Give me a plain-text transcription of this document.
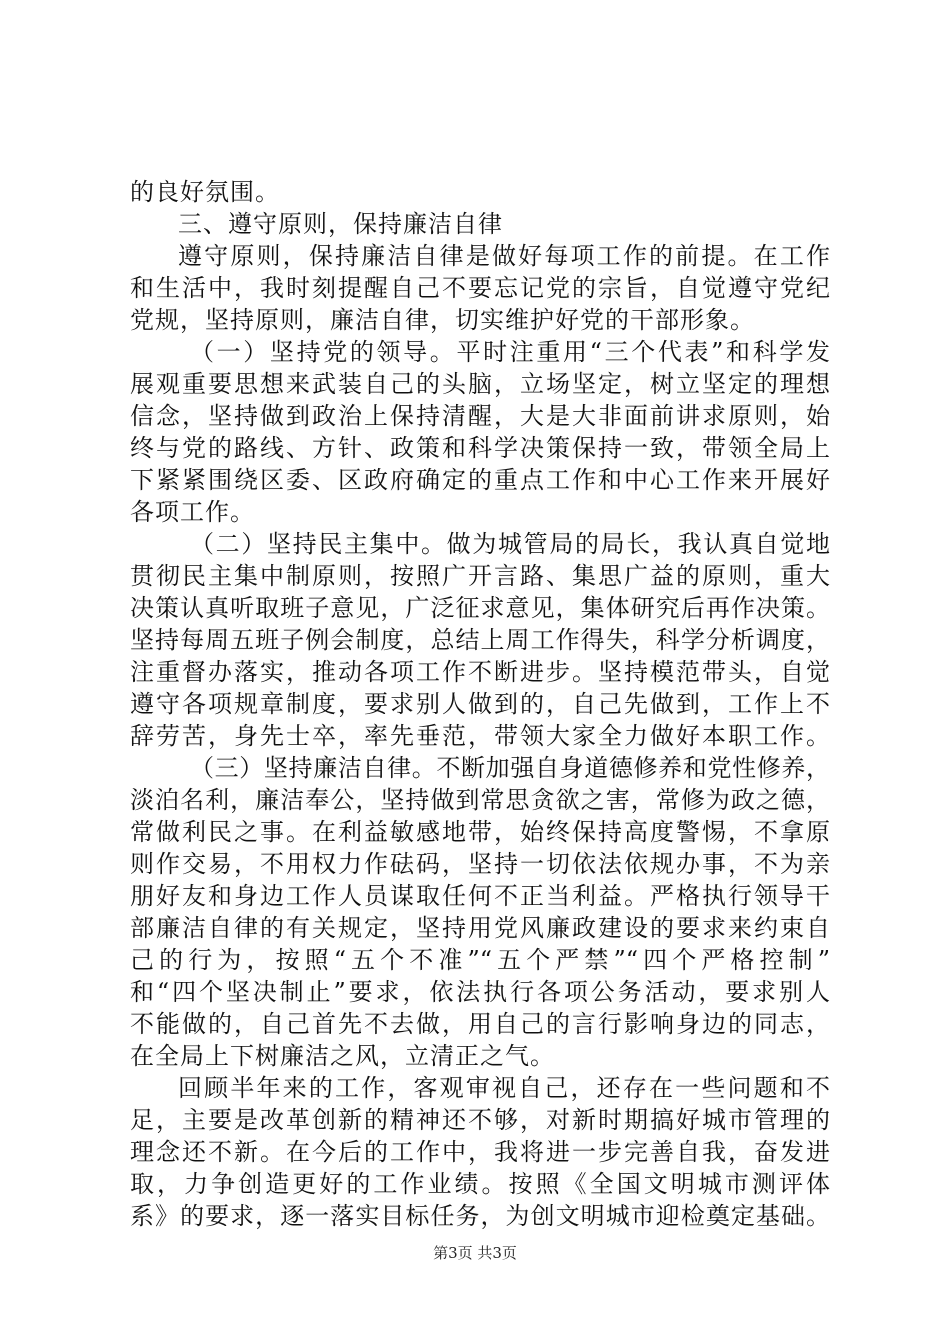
的良好氛围。
三、遵守原则，保持廉洁自律
遵守原则，保持廉洁自律是做好每项工作的前提。在工作
和生活中，我时刻提醒自己不要忘记党的宗旨，自觉遵守党纪
党规，坚持原则，廉洁自律，切实维护好党的干部形象。
（一）坚持党的领导。平时注重用“三个代表”和科学发
展观重要思想来武装自己的头脑，立场坚定，树立坚定的理想
信念，坚持做到政治上保持清醒，大是大非面前讲求原则，始
终与党的路线、方针、政策和科学决策保持一致，带领全局上
下紧紧围绕区委、区政府确定的重点工作和中心工作来开展好
各项工作。
（二）坚持民主集中。做为城管局的局长，我认真自觉地
贯彻民主集中制原则，按照广开言路、集思广益的原则，重大
决策认真听取班子意见，广泛征求意见，集体研究后再作决策。
坚持每周五班子例会制度，总结上周工作得失，科学分析调度，
注重督办落实，推动各项工作不断进步。坚持模范带头，自觉
遵守各项规章制度，要求别人做到的，自己先做到，工作上不
辞劳苦，身先士卒，率先垂范，带领大家全力做好本职工作。
（三）坚持廉洁自律。不断加强自身道德修养和党性修养，
淡泊名利，廉洁奉公，坚持做到常思贪欲之害，常修为政之德，
常做利民之事。在利益敏感地带，始终保持高度警惕，不拿原
则作交易，不用权力作砝码，坚持一切依法依规办事，不为亲
朋好友和身边工作人员谋取任何不正当利益。严格执行领导干
部廉洁自律的有关规定，坚持用党风廉政建设的要求来约束自
己的行为，按照“五个不准”“五个严禁”“四个严格控制”
和“四个坚决制止”要求，依法执行各项公务活动，要求别人
不能做的，自己首先不去做，用自己的言行影响身边的同志，
在全局上下树廉洁之风，立清正之气。
回顾半年来的工作，客观审视自己，还存在一些问题和不
足，主要是改革创新的精神还不够，对新时期搞好城市管理的
理念还不新。在今后的工作中，我将进一步完善自我，奋发进
取，力争创造更好的工作业绩。按照《全国文明城市测评体
系》的要求，逐一落实目标任务，为创文明城市迎检奠定基础。
第3页 共3页
